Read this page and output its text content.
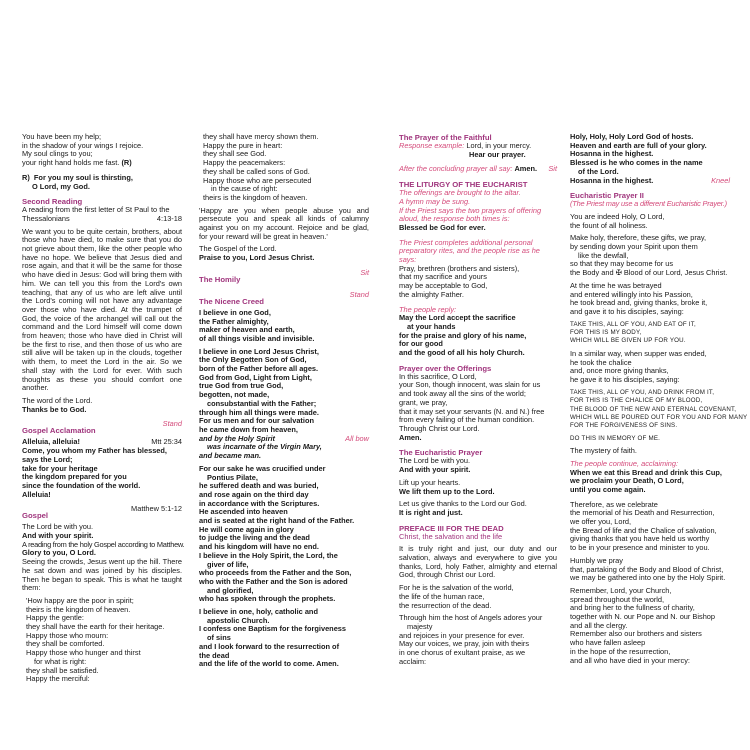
You have been my help;
in the shadow of your wings I rejoice.
My soul clings to you;
your right hand holds me fast. (R)
R) For you my soul is thirsting,
O Lord, my God.
Second Reading
A reading from the first letter of St Paul to the
Thessalonians	4:13-18
We want you to be quite certain, brothers, about those who have died, to make sure that you do not grieve about them, like the other people who have no hope. We believe that Jesus died and rose again, and that it will be the same for those who have died in Jesus: God will bring them with him. We can tell you this from the Lord's own teaching, that any of us who are left alive until the Lord's coming will not have any advantage over those who have died. At the trumpet of God, the voice of the archangel will call out the command and the Lord himself will come down from heaven; those who have died in Christ will be the first to rise, and then those of us who are still alive will be taken up in the clouds, together with them, to meet the Lord in the air. So we shall stay with the Lord for ever. With such thoughts as these you should comfort one another.
The word of the Lord.
Thanks be to God.
Gospel Acclamation
Stand
Alleluia, alleluia!	Mtt 25:34
Come, you whom my Father has blessed,
says the Lord;
take for your heritage
the kingdom prepared for you
since the foundation of the world.
Alleluia!
Gospel
Matthew 5:1-12
The Lord be with you.
And with your spirit.
A reading from the holy Gospel according to Matthew.
Glory to you, O Lord.
Seeing the crowds, Jesus went up the hill. There he sat down and was joined by his disciples. Then he began to speak. This is what he taught them:
'How happy are the poor in spirit;
theirs is the kingdom of heaven.
Happy the gentle:
they shall have the earth for their heritage.
Happy those who mourn:
they shall be comforted.
Happy those who hunger and thirst
for what is right:
they shall be satisfied.
Happy the merciful:
they shall have mercy shown them.
Happy the pure in heart:
they shall see God.
Happy the peacemakers:
they shall be called sons of God.
Happy those who are persecuted
in the cause of right:
theirs is the kingdom of heaven.
'Happy are you when people abuse you and persecute you and speak all kinds of calumny against you on my account. Rejoice and be glad, for your reward will be great in heaven.'
The Gospel of the Lord.
Praise to you, Lord Jesus Christ.
The Homily
Sit
The Nicene Creed
Stand
I believe in one God,
the Father almighty,
maker of heaven and earth,
of all things visible and invisible.
I believe in one Lord Jesus Christ,
the Only Begotten Son of God,
born of the Father before all ages.
God from God, Light from Light,
true God from true God,
begotten, not made,
consubstantial with the Father;
through him all things were made.
For us men and for our salvation
he came down from heaven,
and by the Holy Spirit	All bow
was incarnate of the Virgin Mary,
and became man.
For our sake he was crucified under
Pontius Pilate,
he suffered death and was buried,
and rose again on the third day
in accordance with the Scriptures.
He ascended into heaven
and is seated at the right hand of the Father.
He will come again in glory
to judge the living and the dead
and his kingdom will have no end.
I believe in the Holy Spirit, the Lord, the
giver of life,
who proceeds from the Father and the Son,
who with the Father and the Son is adored
and glorified,
who has spoken through the prophets.
I believe in one, holy, catholic and
apostolic Church.
I confess one Baptism for the forgiveness
of sins
and I look forward to the resurrection of
the dead
and the life of the world to come. Amen.
The Prayer of the Faithful
Response example: Lord, in your mercy.
Hear our prayer.
After the concluding prayer all say: Amen. Sit
THE LITURGY OF THE EUCHARIST
The offerings are brought to the altar.
A hymn may be sung.
If the Priest says the two prayers of offering
aloud, the response both times is:
Blessed be God for ever.
The Priest completes additional personal preparatory rites, and the people rise as he says:
Pray, brethren (brothers and sisters),
that my sacrifice and yours
may be acceptable to God,
the almighty Father.
The people reply:
May the Lord accept the sacrifice
at your hands
for the praise and glory of his name,
for our good
and the good of all his holy Church.
Prayer over the Offerings
In this sacrifice, O Lord,
your Son, though innocent, was slain for us
and took away all the sins of the world;
grant, we pray,
that it may set your servants (N. and N.) free
from every failing of the human condition.
Through Christ our Lord.
Amen.
The Eucharistic Prayer
The Lord be with you.
And with your spirit.
Lift up your hearts.
We lift them up to the Lord.
Let us give thanks to the Lord our God.
It is right and just.
PREFACE III FOR THE DEAD
Christ, the salvation and the life
It is truly right and just, our duty and our salvation, always and everywhere to give you thanks, Lord, holy Father, almighty and eternal God, through Christ our Lord.
For he is the salvation of the world,
the life of the human race,
the resurrection of the dead.
Through him the host of Angels adores your
majesty
and rejoices in your presence for ever.
May our voices, we pray, join with theirs
in one chorus of exultant praise, as we
acclaim:
Holy, Holy, Holy Lord God of hosts.
Heaven and earth are full of your glory.
Hosanna in the highest.
Blessed is he who comes in the name
of the Lord.
Hosanna in the highest.	Kneel
Eucharistic Prayer II
(The Priest may use a different Eucharistic Prayer.)
You are indeed Holy, O Lord,
the fount of all holiness.
Make holy, therefore, these gifts, we pray,
by sending down your Spirit upon them
like the dewfall,
so that they may become for us
the Body and ✠ Blood of our Lord, Jesus Christ.
At the time he was betrayed
and entered willingly into his Passion,
he took bread and, giving thanks, broke it,
and gave it to his disciples, saying:
TAKE THIS, ALL OF YOU, AND EAT OF IT,
FOR THIS IS MY BODY,
WHICH WILL BE GIVEN UP FOR YOU.
In a similar way, when supper was ended,
he took the chalice
and, once more giving thanks,
he gave it to his disciples, saying:
TAKE THIS, ALL OF YOU, AND DRINK FROM IT,
FOR THIS IS THE CHALICE OF MY BLOOD,
THE BLOOD OF THE NEW AND ETERNAL COVENANT,
WHICH WILL BE POURED OUT FOR YOU AND FOR MANY
FOR THE FORGIVENESS OF SINS.
DO THIS IN MEMORY OF ME.
The mystery of faith.
The people continue, acclaiming:
When we eat this Bread and drink this Cup,
we proclaim your Death, O Lord,
until you come again.
Therefore, as we celebrate
the memorial of his Death and Resurrection,
we offer you, Lord,
the Bread of life and the Chalice of salvation,
giving thanks that you have held us worthy
to be in your presence and minister to you.
Humbly we pray
that, partaking of the Body and Blood of Christ,
we may be gathered into one by the Holy Spirit.
Remember, Lord, your Church,
spread throughout the world,
and bring her to the fullness of charity,
together with N. our Pope and N. our Bishop
and all the clergy.
Remember also our brothers and sisters
who have fallen asleep
in the hope of the resurrection,
and all who have died in your mercy:
